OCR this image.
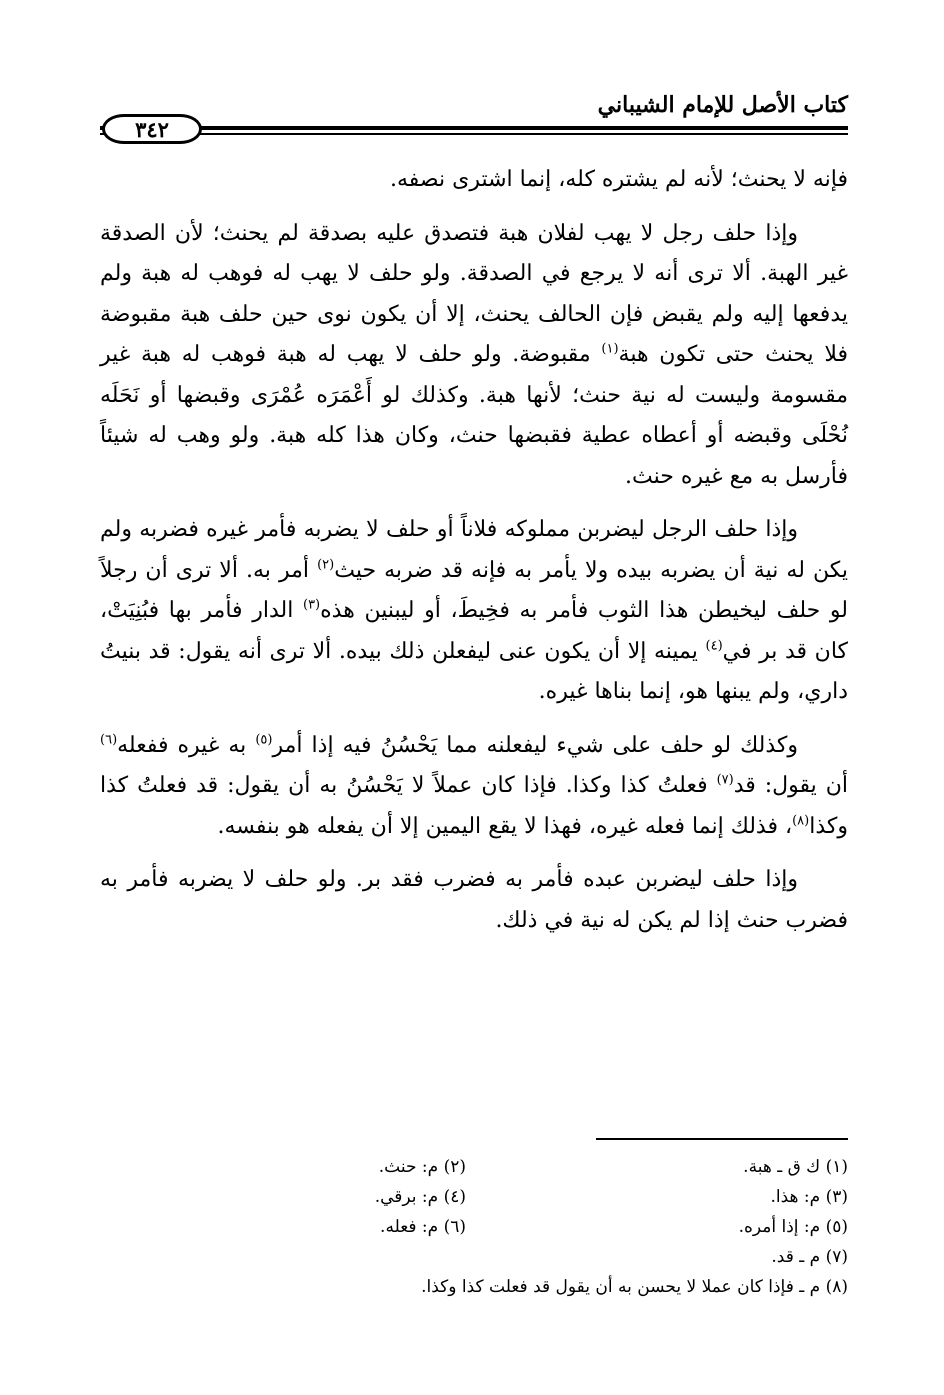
كتاب الأصل للإمام الشيباني
٣٤٢

فإنه لا يحنث؛ لأنه لم يشتره كله، إنما اشترى نصفه.

وإذا حلف رجل لا يهب لفلان هبة فتصدق عليه بصدقة لم يحنث؛ لأن الصدقة غير الهبة. ألا ترى أنه لا يرجع في الصدقة. ولو حلف لا يهب له فوهب له هبة ولم يدفعها إليه ولم يقبض فإن الحالف يحنث، إلا أن يكون نوى حين حلف هبة مقبوضة فلا يحنث حتى تكون هبة$^{(١)}$ مقبوضة. ولو حلف لا يهب له هبة فوهب له هبة غير مقسومة وليست له نية حنث؛ لأنها هبة. وكذلك لو أَعْمَرَه عُمْرَى وقبضها أو نَحَلَه نُحْلَى وقبضه أو أعطاه عطية فقبضها حنث، وكان هذا كله هبة. ولو وهب له شيئاً فأرسل به مع غيره حنث.

وإذا حلف الرجل ليضربن مملوكه فلاناً أو حلف لا يضربه فأمر غيره فضربه ولم يكن له نية أن يضربه بيده ولا يأمر به فإنه قد ضربه حيث$^{(٢)}$ أمر به. ألا ترى أن رجلاً لو حلف ليخيطن هذا الثوب فأمر به فخِيطَ، أو ليبنين هذه$^{(٣)}$ الدار فأمر بها فبُنِيَتْ، كان قد بر في$^{(٤)}$ يمينه إلا أن يكون عنى ليفعلن ذلك بيده. ألا ترى أنه يقول: قد بنيتُ داري، ولم يبنها هو، إنما بناها غيره.

وكذلك لو حلف على شيء ليفعلنه مما يَحْسُنُ فيه إذا أمر$^{(٥)}$ به غيره ففعله$^{(٦)}$ أن يقول: قد$^{(٧)}$ فعلتُ كذا وكذا. فإذا كان عملاً لا يَحْسُنُ به أن يقول: قد فعلتُ كذا وكذا$^{(٨)}$، فذلك إنما فعله غيره، فهذا لا يقع اليمين إلا أن يفعله هو بنفسه.

وإذا حلف ليضربن عبده فأمر به فضرب فقد بر. ولو حلف لا يضربه فأمر به فضرب حنث إذا لم يكن له نية في ذلك.

(١) ك ق ـ هبة.
(٢) م: حنث.
(٣) م: هذا.
(٤) م: برقي.
(٥) م: إذا أمره.
(٦) م: فعله.
(٧) م ـ قد.
(٨) م ـ فإذا كان عملا لا يحسن به أن يقول قد فعلت كذا وكذا.
